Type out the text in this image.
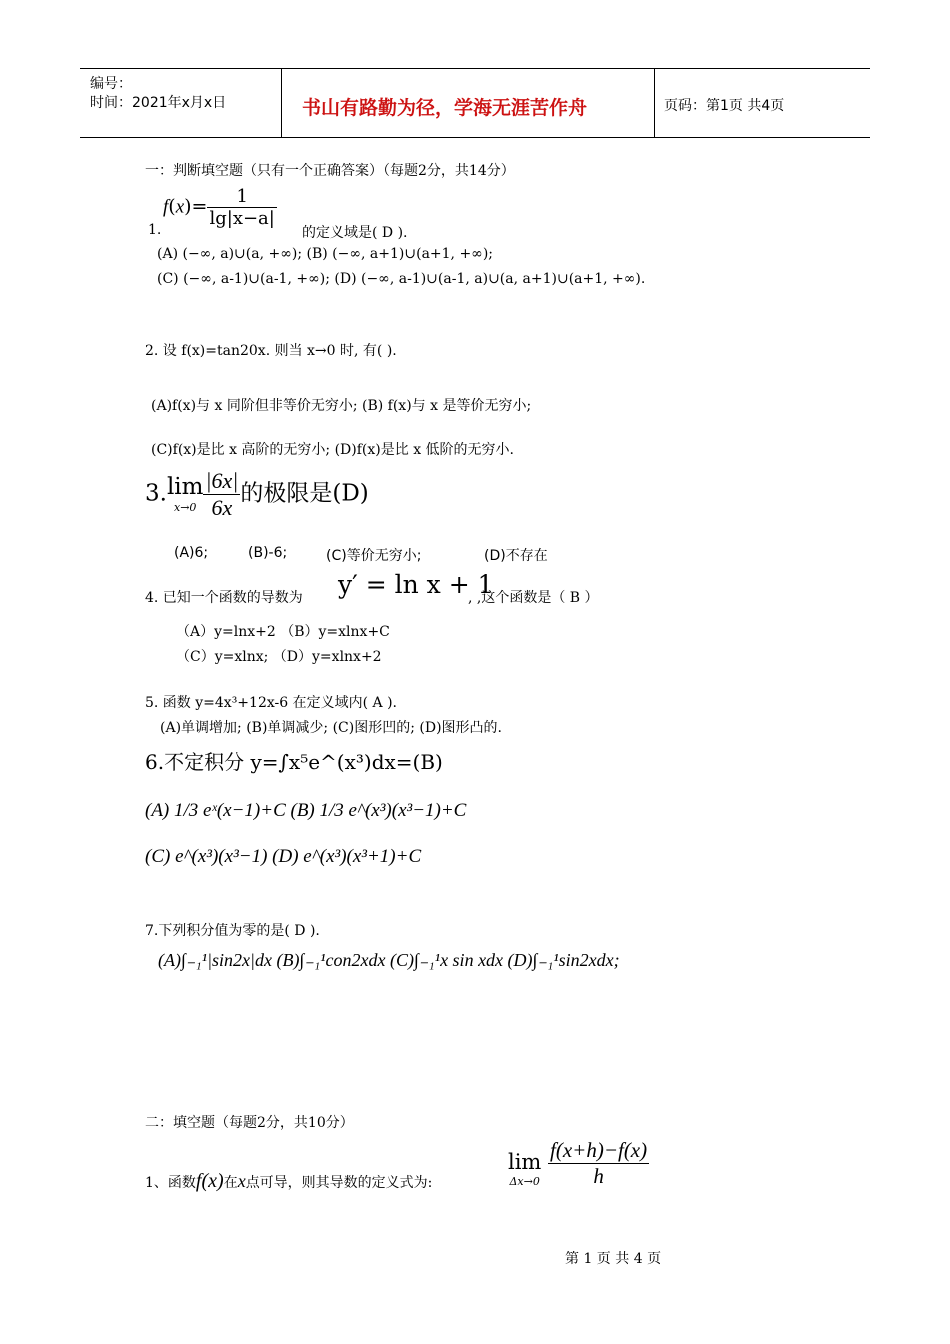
编号：
时间：2021年x月x日	书山有路勤为径，学海无涯苦作舟	页码：第1页 共4页
一：判断填空题（只有一个正确答案）（每题2分，共14分）
$f(x)= \frac{1}{\lg|x-a|}$
1.	的定义域是( D ).
(A) (−∞, a)∪(a, +∞); (B) (−∞, a+1)∪(a+1, +∞);
(C) (−∞, a-1)∪(a-1, +∞); (D) (−∞, a-1)∪(a-1, a)∪(a, a+1)∪(a+1, +∞).
2. 设 f(x)=tan20x. 则当 x→0 时, 有( ).
(A)f(x)与 x 同阶但非等价无穷小; (B) f(x)与 x 是等价无穷小;
(C)f(x)是比 x 高阶的无穷小; (D)f(x)是比 x 低阶的无穷小.
3.lim
$x\to 0 \frac{|6x|}{6x}$ 的极限是(D)
(A)6;	(B)-6;	(C)等价无穷小;	(D)不存在
4. 已知一个函数的导数为 y′ = ln x + 1
, ,这个函数是（ B ）
（A）y=lnx+2 （B）y=xlnx+C
（C）y=xlnx; （D）y=xlnx+2
5. 函数 y=4x³+12x-6 在定义域内( A ).
(A)单调增加; (B)单调减少; (C)图形凹的; (D)图形凸的.
6.不定积分 y=∫x⁵e^(x³)dx=(B)
(A) 1/3 eˣ(x−1)+C (B) 1/3 e^(x³)(x³−1)+C
(C) e^(x³)(x³−1) (D) e^(x³)(x³+1)+C
7.下列积分值为零的是( D ).
(A)∫₋₁¹|sin2x|dx (B)∫₋₁¹con2xdx (C)∫₋₁¹x sin xdx (D)∫₋₁¹sin2xdx;
二：填空题（每题2分，共10分）
1、函数f(x)在x点可导，则其导数的定义式为:
lim
$\Delta x\to 0 \frac{f(x+h)-f(x)}{h}$
第 1 页 共 4 页
